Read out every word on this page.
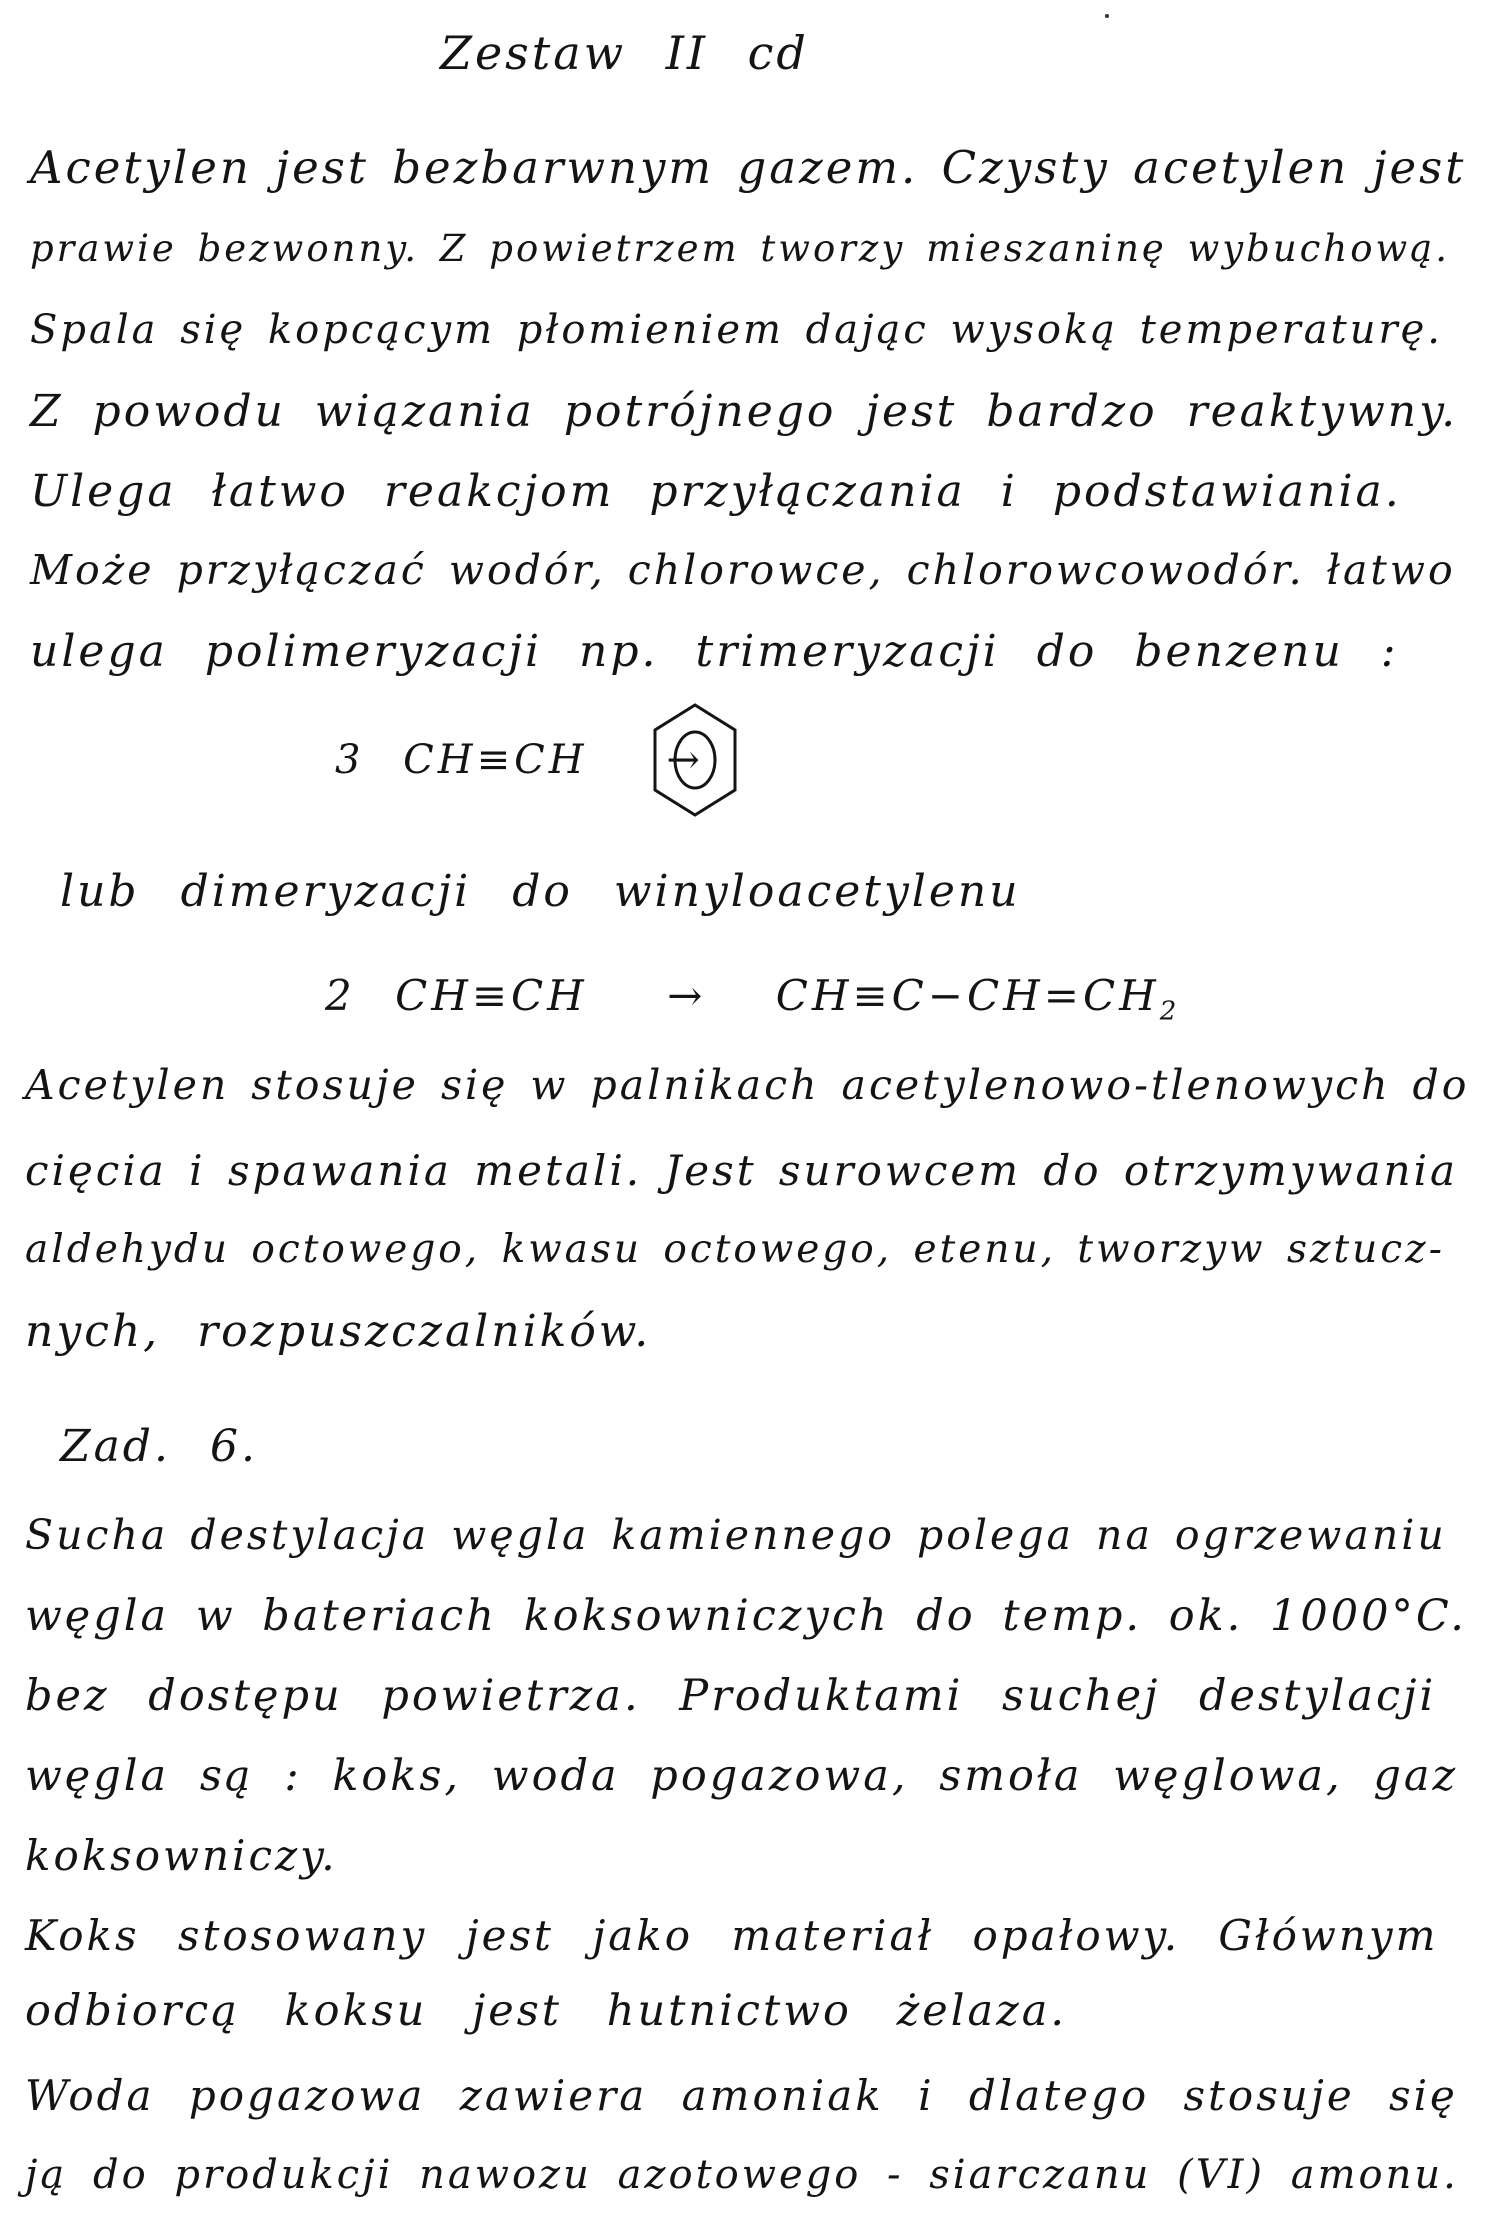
Zestaw II cd
Acetylen jest bezbarwnym gazem. Czysty acetylen jest
prawie bezwonny. Z powietrzem tworzy mieszaninę wybuchową.
Spala się kopcącym płomieniem dając wysoką temperaturę.
Z powodu wiązania potrójnego jest bardzo reaktywny.
Ulega łatwo reakcjom przyłączania i podstawiania.
Może przyłączać wodór, chlorowce, chlorowcowodór. łatwo
ulega polimeryzacji np. trimeryzacji do benzenu :
3 CH≡CH →
lub dimeryzacji do winyloacetylenu
2 $CH\equiv CH \to CH\equiv C-CH=CH_2$
Acetylen stosuje się w palnikach acetylenowo-tlenowych do
cięcia i spawania metali. Jest surowcem do otrzymywania
aldehydu octowego, kwasu octowego, etenu, tworzyw sztucz-
nych, rozpuszczalników.
Zad. 6.
Sucha destylacja węgla kamiennego polega na ogrzewaniu
węgla w bateriach koksowniczych do temp. ok. 1000°C.
bez dostępu powietrza. Produktami suchej destylacji
węgla są : koks, woda pogazowa, smoła węglowa, gaz
koksowniczy.
Koks stosowany jest jako materiał opałowy. Głównym
odbiorcą koksu jest hutnictwo żelaza.
Woda pogazowa zawiera amoniak i dlatego stosuje się
ją do produkcji nawozu azotowego - siarczanu (VI) amonu.
